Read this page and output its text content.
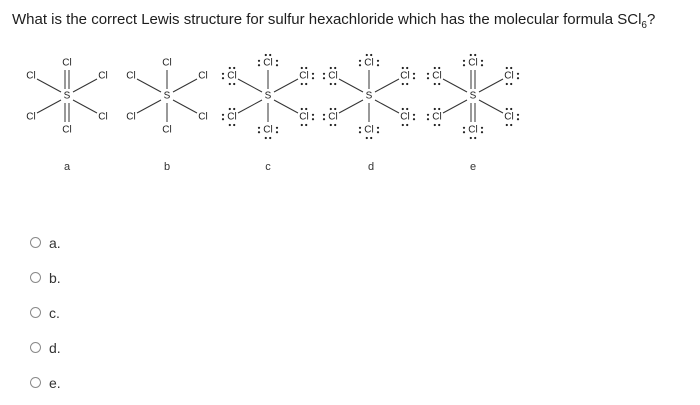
What is the correct Lewis structure for sulfur hexachloride which has the molecular formula SCl$_6$?
S
Cl
Cl
Cl	Cl
Cl	Cl
a
S
Cl
Cl
Cl	Cl
Cl	Cl
b
S
Cl
Cl
Cl	Cl
Cl	Cl
c
S
Cl
Cl
Cl	Cl
Cl	Cl
d
S
Cl
Cl
Cl	Cl
Cl	Cl
e
a.
b.
c.
d.
e.
